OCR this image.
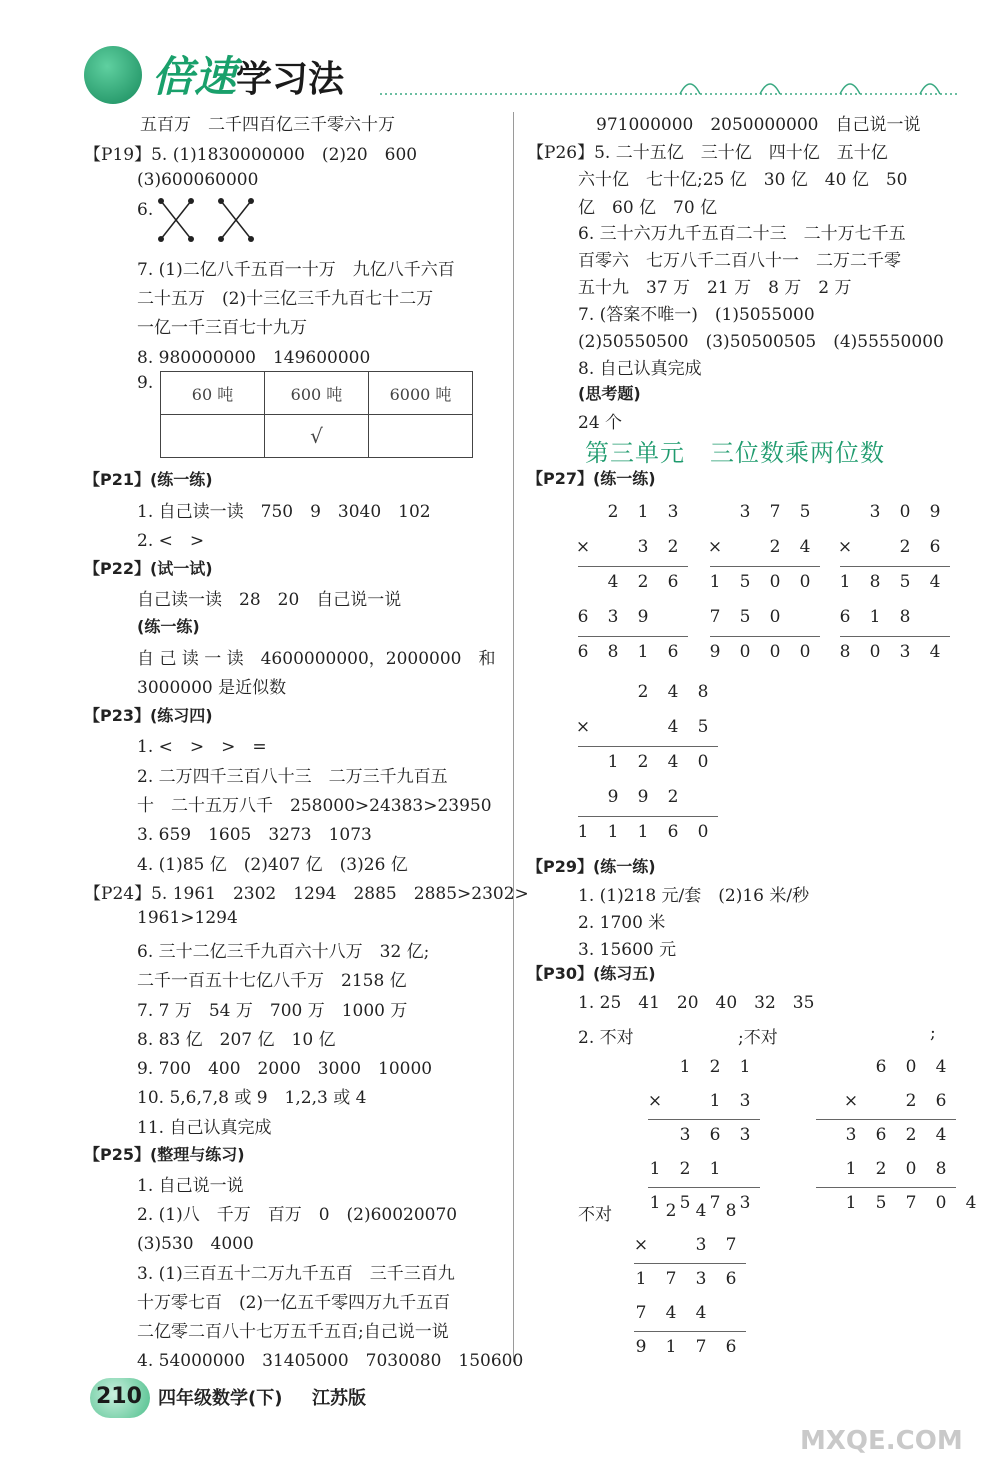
倍速学习法
五百万　二千四百亿三千零六十万
【P19】5. (1)1830000000　(2)20　600
(3)600060000
6.
7. (1)二亿八千五百一十万　九亿八千六百
二十五万　(2)十三亿三千九百七十二万
一亿一千三百七十九万
8. 980000000　149600000
9.
【P21】(练一练)
1. 自己读一读　750　9　3040　102
2. <　>
【P22】(试一试)
自己读一读　28　20　自己说一说
(练一练)
自 己 读 一 读　4600000000，2000000　和
3000000 是近似数
【P23】(练习四)
1. <　>　>　=
2. 二万四千三百八十三　二万三千九百五
十　二十五万八千　258000>24383>23950
3. 659　1605　3273　1073
4. (1)85 亿　(2)407 亿　(3)26 亿
【P24】5. 1961　2302　1294　2885　2885>2302>
1961>1294
6. 三十二亿三千九百六十八万　32 亿;
二千一百五十七亿八千万　2158 亿
7. 7 万　54 万　700 万　1000 万
8. 83 亿　207 亿　10 亿
9. 700　400　2000　3000　10000
10. 5,6,7,8 或 9　1,2,3 或 4
11. 自己认真完成
【P25】(整理与练习)
1. 自己说一说
2. (1)八　千万　百万　0　(2)60020070
(3)530　4000
3. (1)三百五十二万九千五百　三千三百九
十万零七百　(2)一亿五千零四万九千五百
二亿零二百八十七万五千五百;自己说一说
4. 54000000　31405000　7030080　150600
60 吨	600 吨	6000 吨
	√	
971000000　2050000000　自己说一说
【P26】5. 二十五亿　三十亿　四十亿　五十亿
六十亿　七十亿;25 亿　30 亿　40 亿　50
亿　60 亿　70 亿
6. 三十六万九千五百二十三　二十万七千五
百零六　七万八千二百八十一　二万二千零
五十九　37 万　21 万　8 万　2 万
7. (答案不唯一)　(1)5055000
(2)50550500　(3)50500505　(4)55550000
8. 自己认真完成
(思考题)
24 个
【P27】(练一练)
【P29】(练一练)
1. (1)218 元/套　(2)16 米/秒
2. 1700 米
3. 15600 元
【P30】(练习五)
1. 25　41　20　40　32　35
2. 不对	;不对	;
不对
第三单元　三位数乘两位数
2 1 3
×	3 2
4 2 6
6 3 9
6 8 1 6
3 7 5
×	2 4
1 5 0 0
7 5 0
9 0 0 0
3 0 9
×	2 6
1 8 5 4
6 1 8
8 0 3 4
2 4 8
×	4 5
1 2 4 0
9 9 2
1 1 1 6 0
1 2 1
×	1 3
3 6 3
1 2 1
1 5 7 3
6 0 4
×	2 6
3 6 2 4
1 2 0 8
1 5 7 0 4
2 4 8
×	3 7
1 7 3 6
7 4 4
9 1 7 6
210 四年级数学(下) 江苏版
MXQE.COM
